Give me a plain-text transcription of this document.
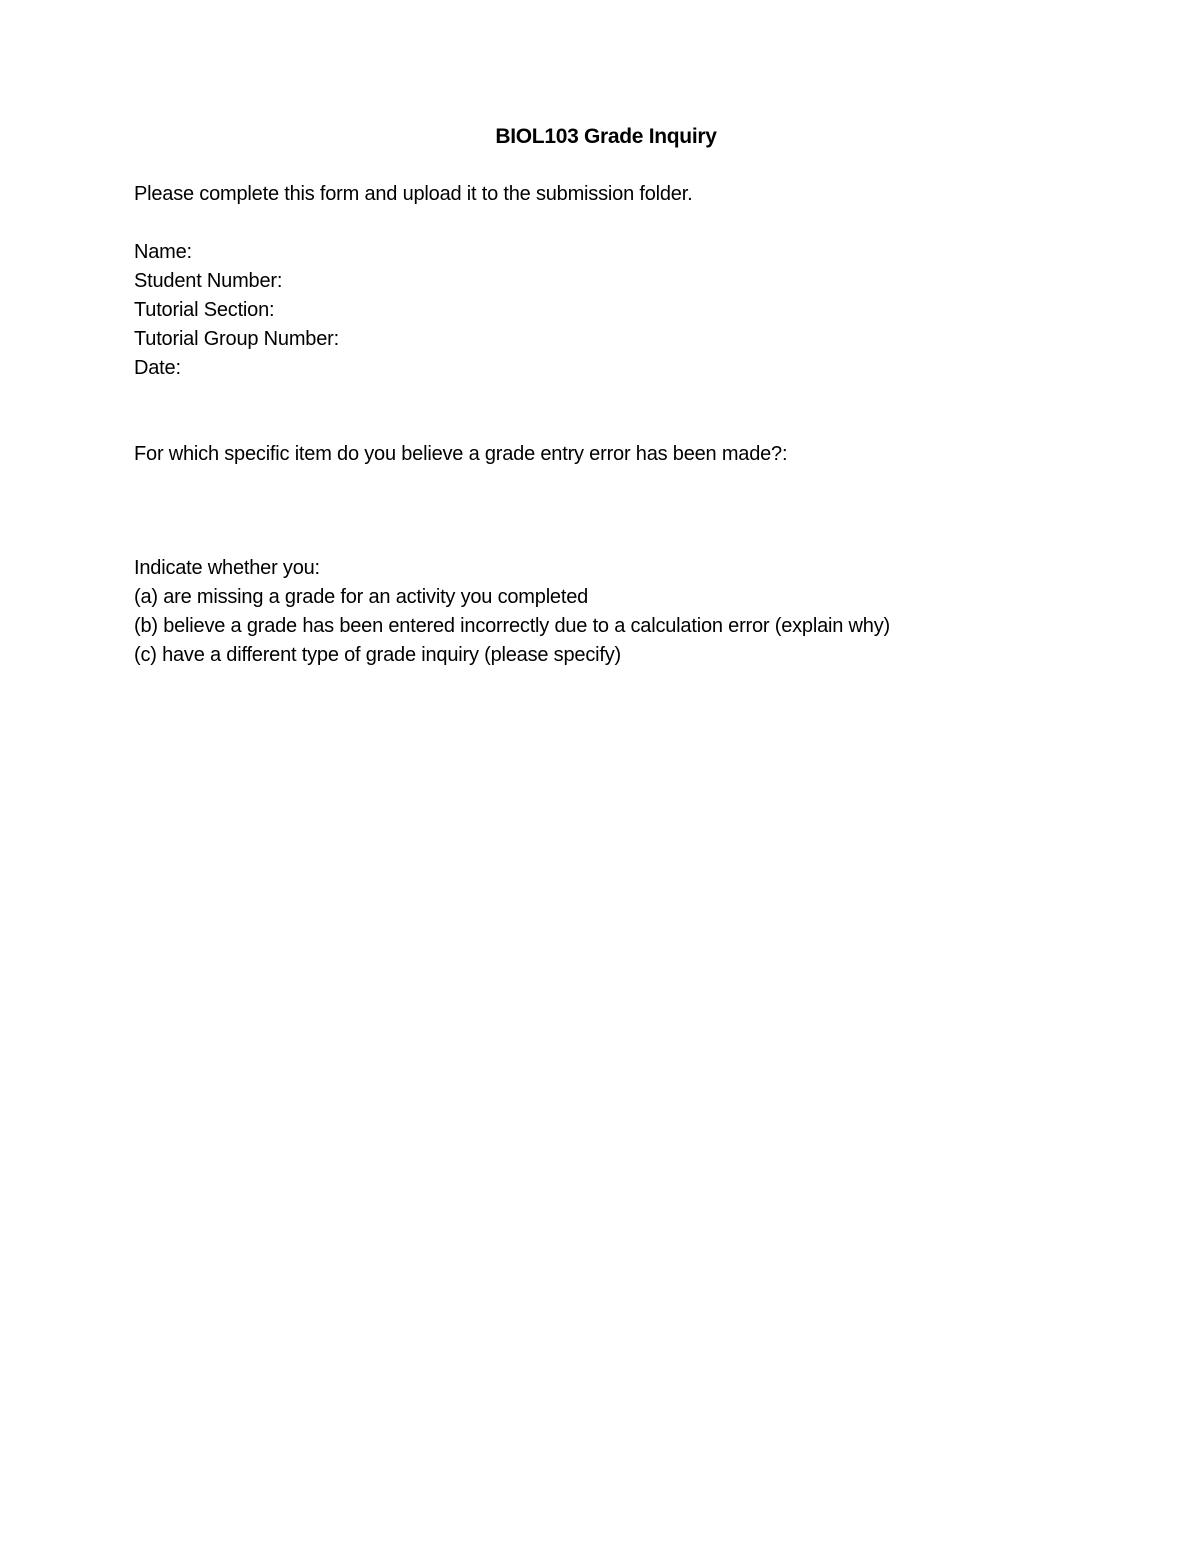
BIOL103 Grade Inquiry
Please complete this form and upload it to the submission folder.
Name:
Student Number:
Tutorial Section:
Tutorial Group Number:
Date:
For which specific item do you believe a grade entry error has been made?:
Indicate whether you:
(a) are missing a grade for an activity you completed
(b) believe a grade has been entered incorrectly due to a calculation error (explain why)
(c) have a different type of grade inquiry (please specify)
